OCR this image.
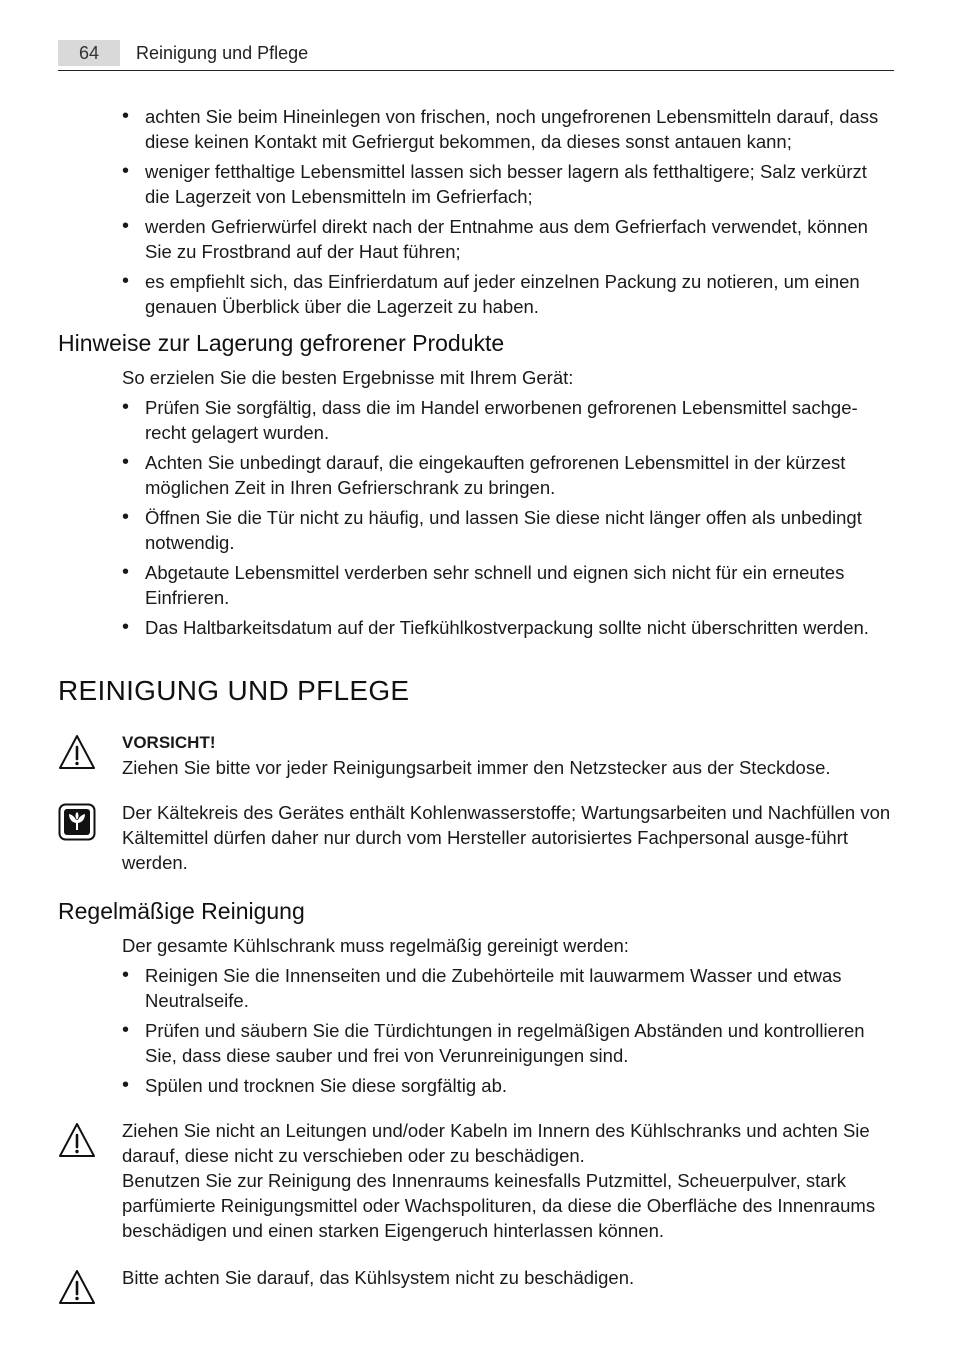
64	Reinigung und Pflege
• achten Sie beim Hineinlegen von frischen, noch ungefrorenen Lebensmitteln darauf, dass diese keinen Kontakt mit Gefriergut bekommen, da dieses sonst antauen kann;
• weniger fetthaltige Lebensmittel lassen sich besser lagern als fetthaltigere; Salz verkürzt die Lagerzeit von Lebensmitteln im Gefrierfach;
• werden Gefrierwürfel direkt nach der Entnahme aus dem Gefrierfach verwendet, können Sie zu Frostbrand auf der Haut führen;
• es empfiehlt sich, das Einfrierdatum auf jeder einzelnen Packung zu notieren, um einen genauen Überblick über die Lagerzeit zu haben.
Hinweise zur Lagerung gefrorener Produkte
So erzielen Sie die besten Ergebnisse mit Ihrem Gerät:
• Prüfen Sie sorgfältig, dass die im Handel erworbenen gefrorenen Lebensmittel sachge-recht gelagert wurden.
• Achten Sie unbedingt darauf, die eingekauften gefrorenen Lebensmittel in der kürzest möglichen Zeit in Ihren Gefrierschrank zu bringen.
• Öffnen Sie die Tür nicht zu häufig, und lassen Sie diese nicht länger offen als unbedingt notwendig.
• Abgetaute Lebensmittel verderben sehr schnell und eignen sich nicht für ein erneutes Einfrieren.
• Das Haltbarkeitsdatum auf der Tiefkühlkostverpackung sollte nicht überschritten werden.
REINIGUNG UND PFLEGE

VORSICHT!

Ziehen Sie bitte vor jeder Reinigungsarbeit immer den Netzstecker aus der Steckdose.

Der Kältekreis des Gerätes enthält Kohlenwasserstoffe; Wartungsarbeiten und Nachfüllen von Kältemittel dürfen daher nur durch vom Hersteller autorisiertes Fachpersonal ausge-führt werden.

Regelmäßige Reinigung
Der gesamte Kühlschrank muss regelmäßig gereinigt werden:
• Reinigen Sie die Innenseiten und die Zubehörteile mit lauwarmem Wasser und etwas Neutralseife.
• Prüfen und säubern Sie die Türdichtungen in regelmäßigen Abständen und kontrollieren Sie, dass diese sauber und frei von Verunreinigungen sind.
• Spülen und trocknen Sie diese sorgfältig ab.

Ziehen Sie nicht an Leitungen und/oder Kabeln im Innern des Kühlschranks und achten Sie darauf, diese nicht zu verschieben oder zu beschädigen.

Benutzen Sie zur Reinigung des Innenraums keinesfalls Putzmittel, Scheuerpulver, stark parfümierte Reinigungsmittel oder Wachspolituren, da diese die Oberfläche des Innenraums beschädigen und einen starken Eigengeruch hinterlassen können.

Bitte achten Sie darauf, das Kühlsystem nicht zu beschädigen.
